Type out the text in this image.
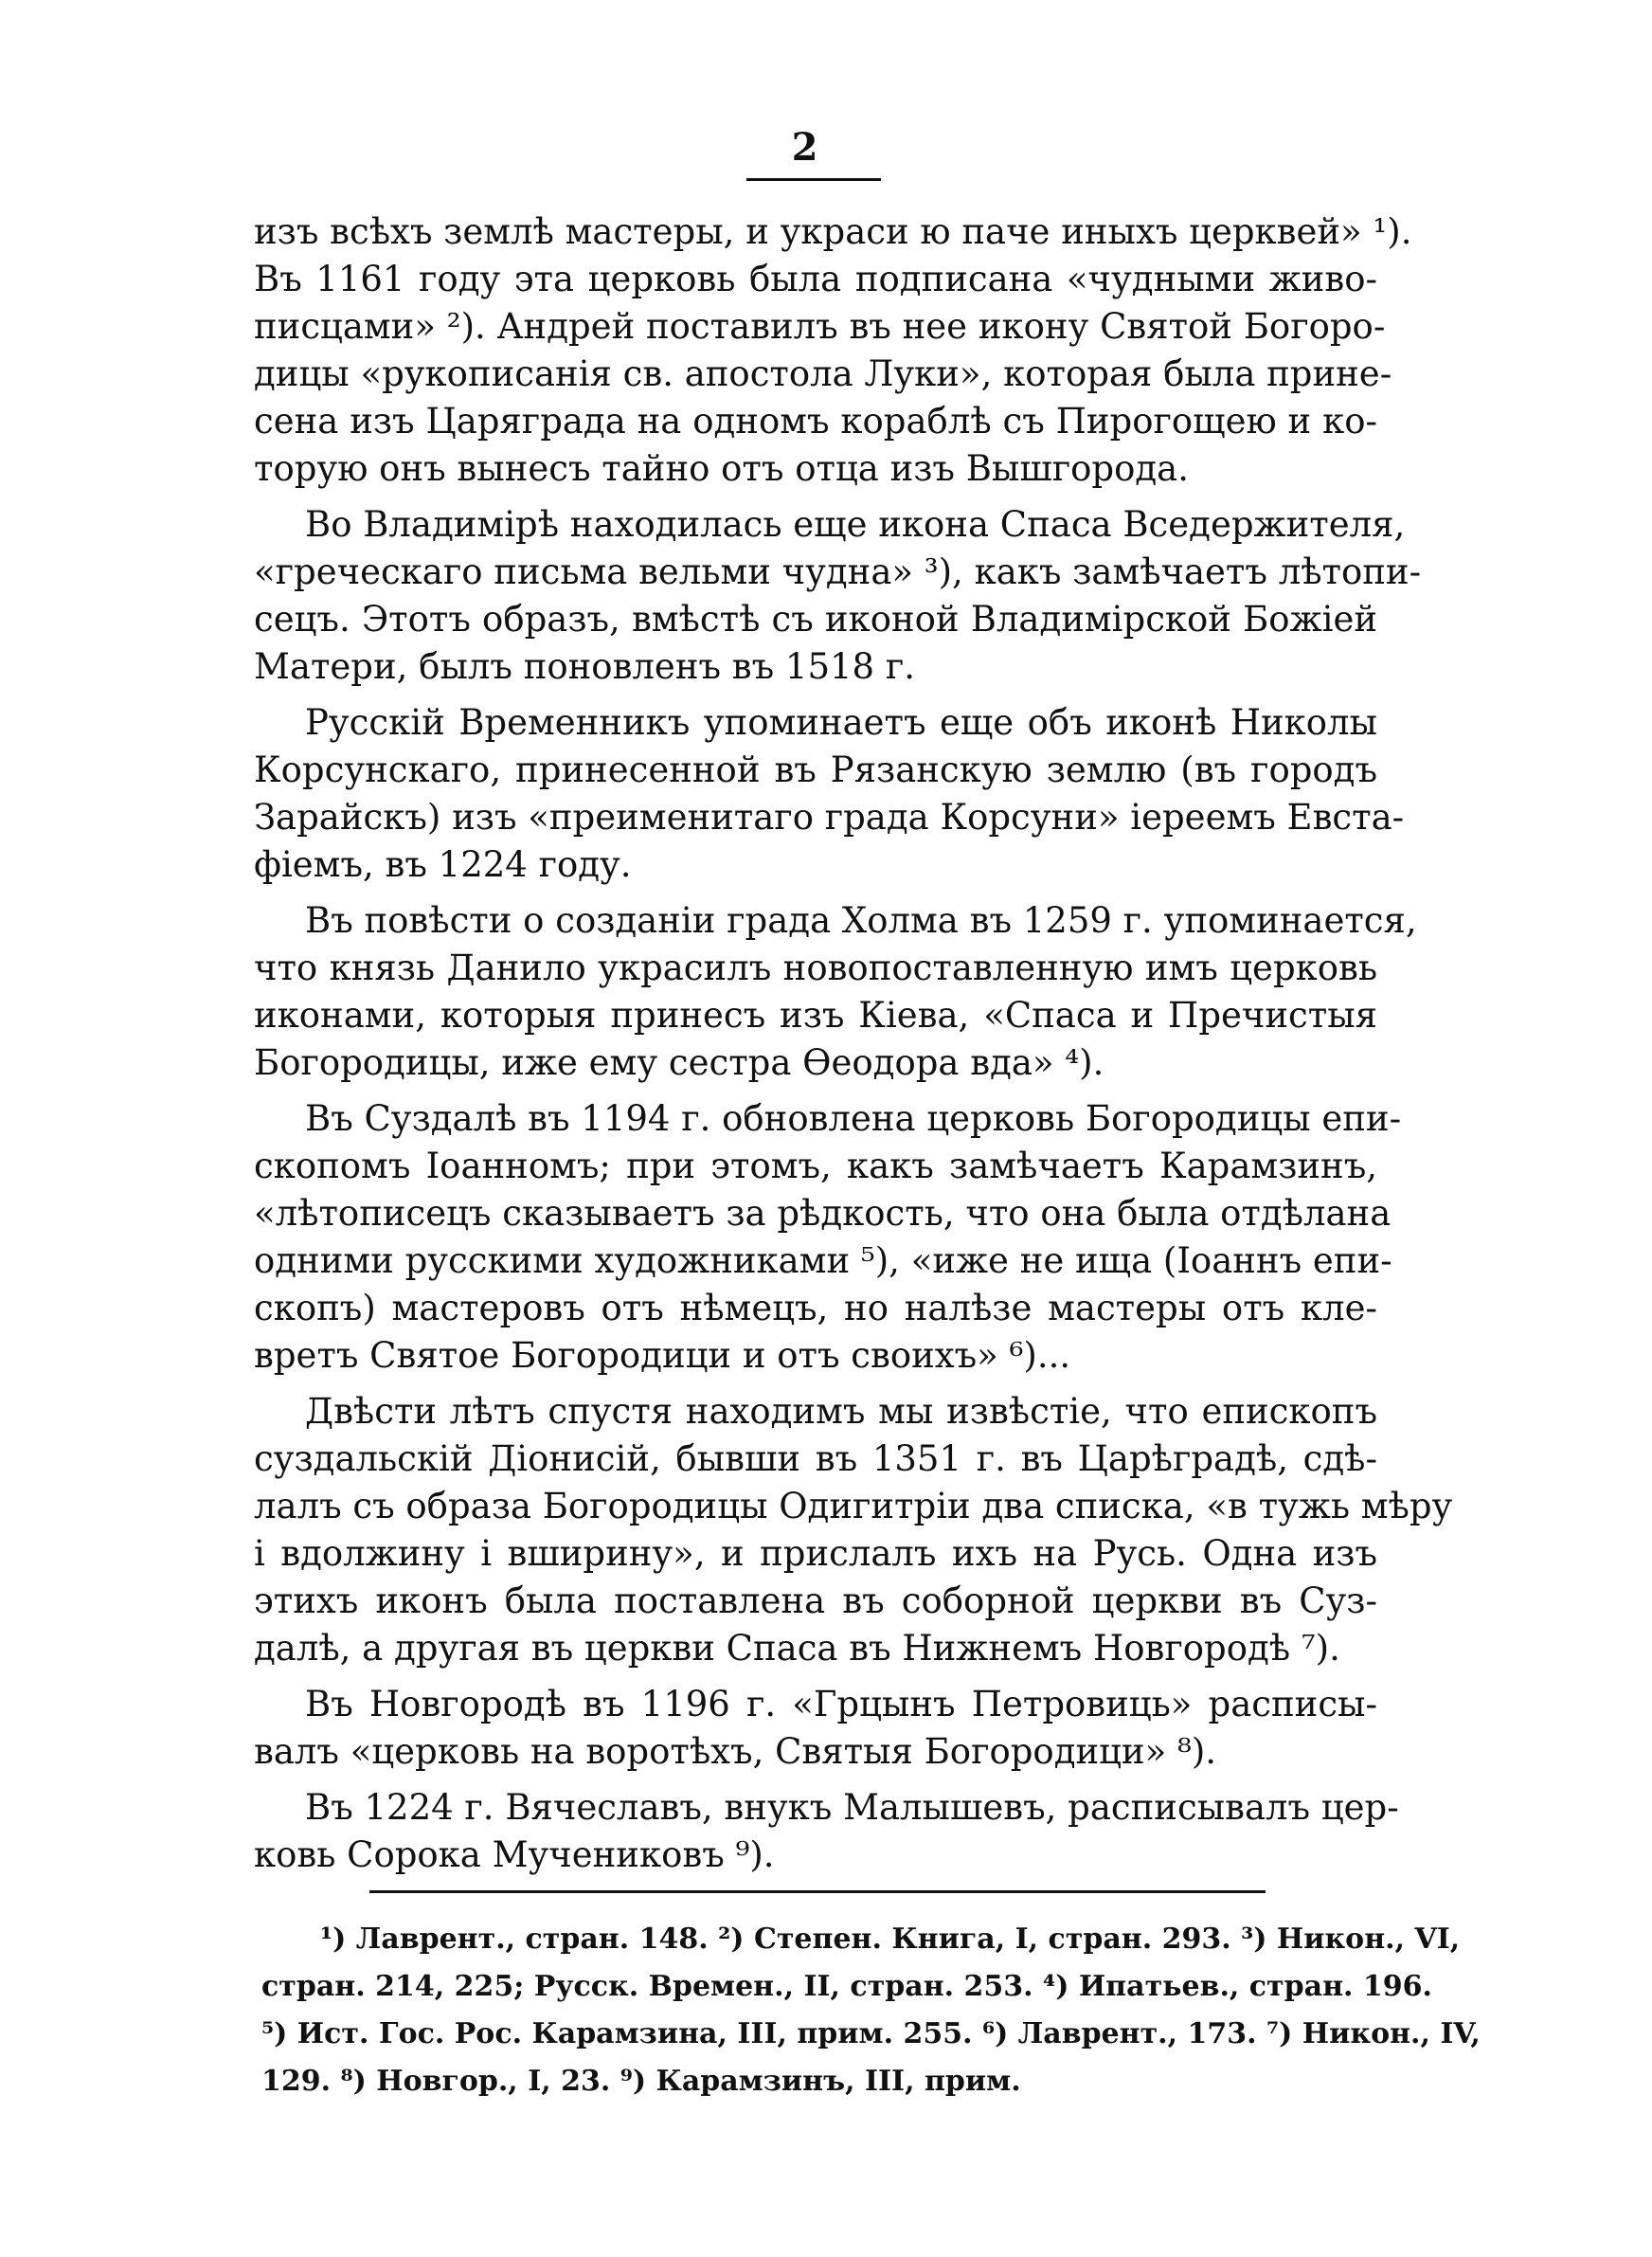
2
изъ всѣхъ землѣ мастеры, и украси ю паче иныхъ церквей» ¹).
Въ 1161 году эта церковь была подписана «чудными живо-
писцами» ²). Андрей поставилъ въ нее икону Святой Богоро-
дицы «рукописанія св. апостола Луки», которая была прине-
сена изъ Царяграда на одномъ кораблѣ съ Пирогощею и ко-
торую онъ вынесъ тайно отъ отца изъ Вышгорода.
Во Владимірѣ находилась еще икона Спаса Вседержителя,
«греческаго письма вельми чудна» ³), какъ замѣчаетъ лѣтопи-
сецъ. Этотъ образъ, вмѣстѣ съ иконой Владимірской Божіей
Матери, былъ поновленъ въ 1518 г.
Русскій Временникъ упоминаетъ еще объ иконѣ Николы
Корсунскаго, принесенной въ Рязанскую землю (въ городъ
Зарайскъ) изъ «преименитаго града Корсуни» іереемъ Евста-
фіемъ, въ 1224 году.
Въ повѣсти о созданіи града Холма въ 1259 г. упоминается,
что князь Данило украсилъ новопоставленную имъ церковь
иконами, которыя принесъ изъ Кіева, «Спаса и Пречистыя
Богородицы, иже ему сестра Ѳеодора вда» ⁴).
Въ Суздалѣ въ 1194 г. обновлена церковь Богородицы епи-
скопомъ Іоанномъ; при этомъ, какъ замѣчаетъ Карамзинъ,
«лѣтописецъ сказываетъ за рѣдкость, что она была отдѣлана
одними русскими художниками ⁵), «иже не ища (Іоаннъ епи-
скопъ) мастеровъ отъ нѣмецъ, но налѣзе мастеры отъ кле-
вретъ Святое Богородици и отъ своихъ» ⁶)...
Двѣсти лѣтъ спустя находимъ мы извѣстіе, что епископъ
суздальскій Діонисій, бывши въ 1351 г. въ Царѣградѣ, сдѣ-
лалъ съ образа Богородицы Одигитріи два списка, «в тужь мѣру
і вдолжину і вширину», и прислалъ ихъ на Русь. Одна изъ
этихъ иконъ была поставлена въ соборной церкви въ Суз-
далѣ, а другая въ церкви Спаса въ Нижнемъ Новгородѣ ⁷).
Въ Новгородѣ въ 1196 г. «Грцынъ Петровиць» расписы-
валъ «церковь на воротѣхъ, Святыя Богородици» ⁸).
Въ 1224 г. Вячеславъ, внукъ Малышевъ, расписывалъ цер-
ковь Сорока Мучениковъ ⁹).
¹) Лаврент., стран. 148. ²) Степен. Книга, I, стран. 293. ³) Никон., VI,
стран. 214, 225; Русск. Времен., II, стран. 253. ⁴) Ипатьев., стран. 196.
⁵) Ист. Гос. Рос. Карамзина, III, прим. 255. ⁶) Лаврент., 173. ⁷) Никон., IV,
129. ⁸) Новгор., I, 23. ⁹) Карамзинъ, III, прим.
